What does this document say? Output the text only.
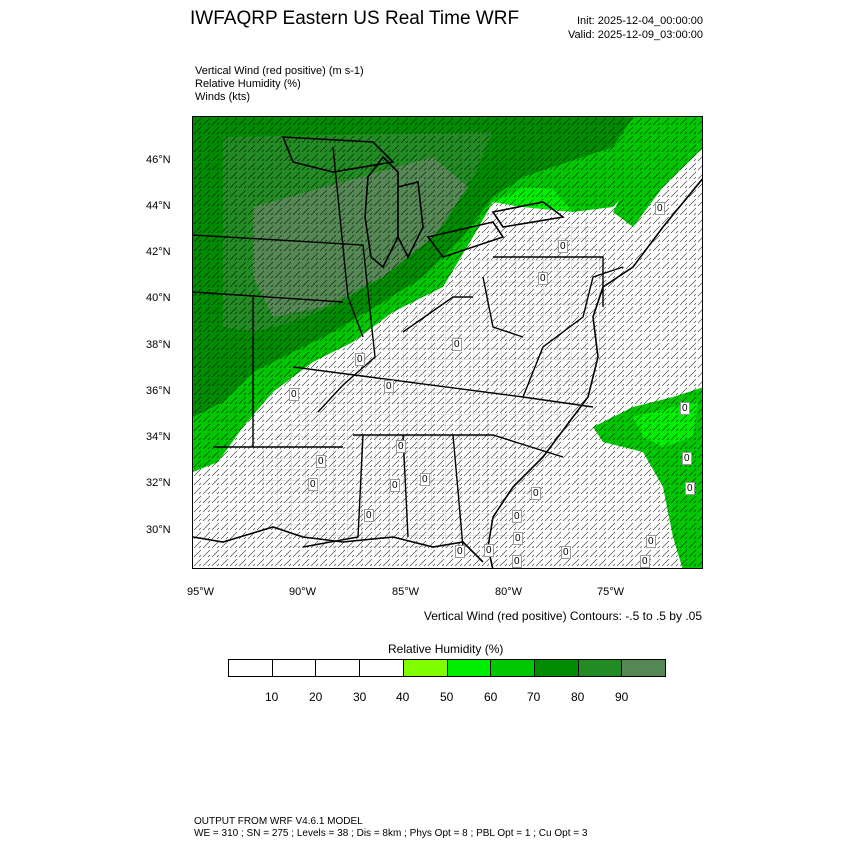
IWFAQRP Eastern US Real Time WRF	Init: 2025-12-04_00:00:00
Valid: 2025-12-09_03:00:00
Vertical Wind (red positive) (m s-1)
Relative Humidity (%)
Winds (kts)
46°N
44°N
42°N
40°N
38°N
36°N
34°N
32°N
30°N
95°W	90°W	85°W	80°W	75°W
Vertical Wind (red positive) Contours: -.5 to .5 by .05
Relative Humidity (%)
10	20	30 40	50	60 70	80	90
OUTPUT FROM WRF V4.6.1 MODEL
WE = 310 ; SN = 275 ; Levels = 38 ; Dis = 8km ; Phys Opt = 8 ; PBL Opt = 1 ; Cu Opt = 3
0
0
0
0
0
0
0
0
0	0
0
0
0
0
0
0
0
0 0
0
0
0
0
0
0
